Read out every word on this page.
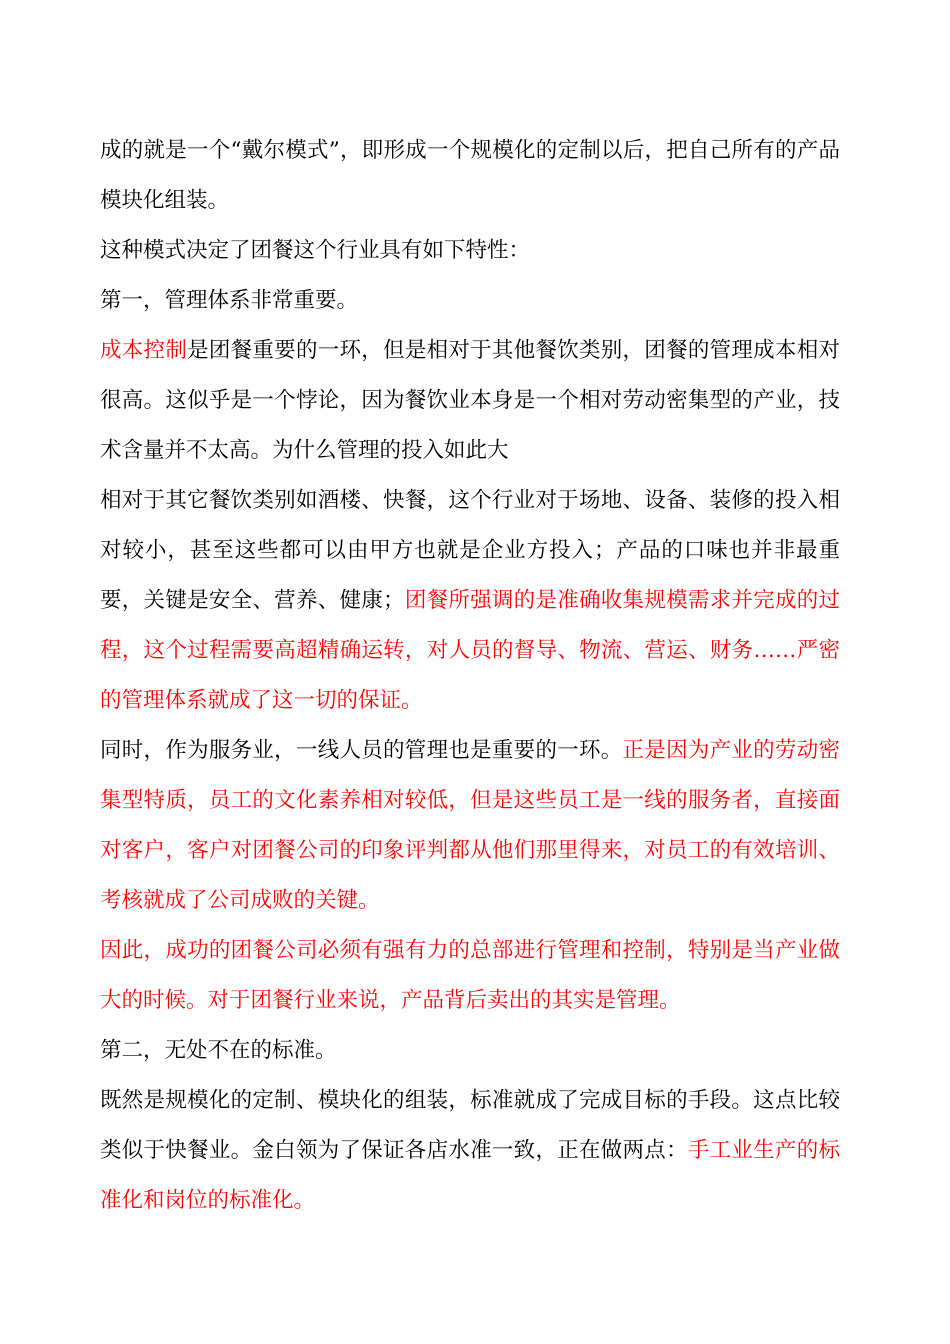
成的就是一个“戴尔模式”，即形成一个规模化的定制以后，把自己所有的产品模块化组装。

这种模式决定了团餐这个行业具有如下特性：

第一，管理体系非常重要。

成本控制是团餐重要的一环，但是相对于其他餐饮类别，团餐的管理成本相对很高。这似乎是一个悖论，因为餐饮业本身是一个相对劳动密集型的产业，技术含量并不太高。为什么管理的投入如此大

相对于其它餐饮类别如酒楼、快餐，这个行业对于场地、设备、装修的投入相对较小，甚至这些都可以由甲方也就是企业方投入；产品的口味也并非最重要，关键是安全、营养、健康；团餐所强调的是准确收集规模需求并完成的过程，这个过程需要高超精确运转，对人员的督导、物流、营运、财务……严密的管理体系就成了这一切的保证。

同时，作为服务业，一线人员的管理也是重要的一环。正是因为产业的劳动密集型特质，员工的文化素养相对较低，但是这些员工是一线的服务者，直接面对客户，客户对团餐公司的印象评判都从他们那里得来，对员工的有效培训、考核就成了公司成败的关键。

因此，成功的团餐公司必须有强有力的总部进行管理和控制，特别是当产业做大的时候。对于团餐行业来说，产品背后卖出的其实是管理。

第二，无处不在的标准。

既然是规模化的定制、模块化的组装，标准就成了完成目标的手段。这点比较类似于快餐业。金白领为了保证各店水准一致，正在做两点：手工业生产的标准化和岗位的标准化。
